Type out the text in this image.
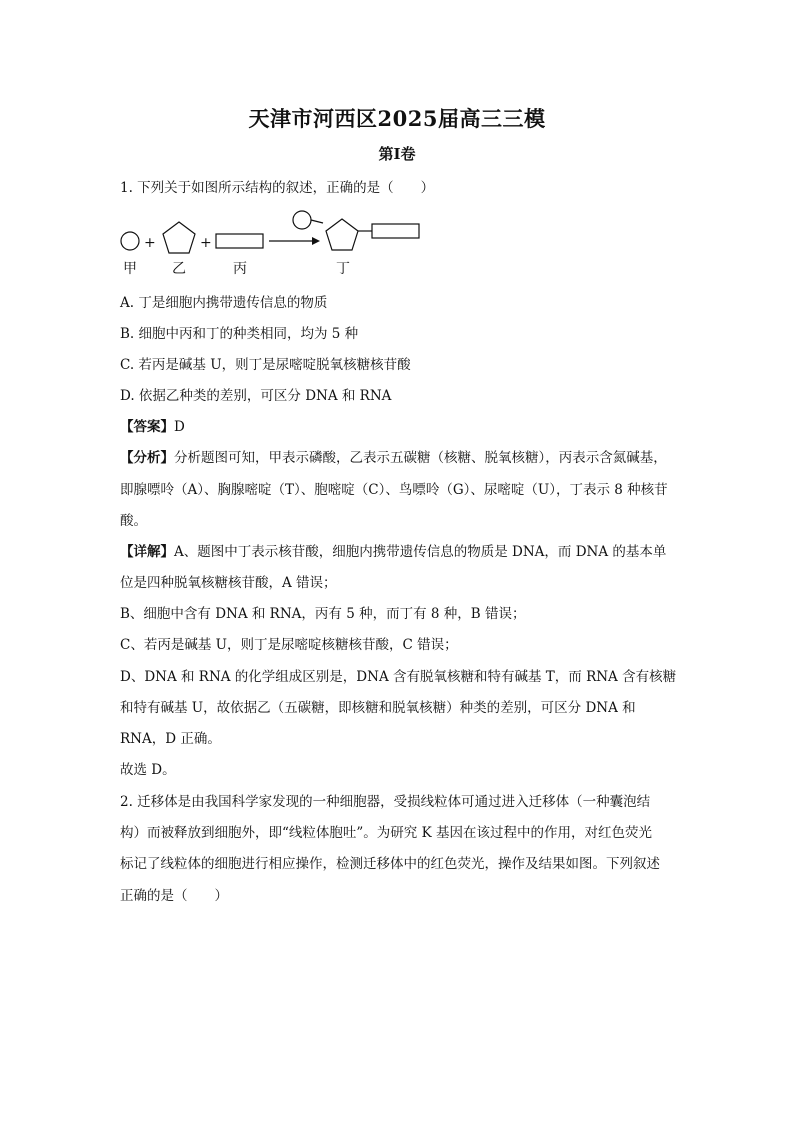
天津市河西区2025届高三三模
第I卷
1. 下列关于如图所示结构的叙述，正确的是（　　）
+	+
甲	乙	丙	丁
A. 丁是细胞内携带遗传信息的物质
B. 细胞中丙和丁的种类相同，均为 5 种
C. 若丙是碱基 U，则丁是尿嘧啶脱氧核糖核苷酸
D. 依据乙种类的差别，可区分 DNA 和 RNA
【答案】D
【分析】分析题图可知，甲表示磷酸，乙表示五碳糖（核糖、脱氧核糖），丙表示含氮碱基，
即腺嘌呤（A）、胸腺嘧啶（T）、胞嘧啶（C）、鸟嘌呤（G）、尿嘧啶（U），丁表示 8 种核苷
酸。
【详解】A、题图中丁表示核苷酸，细胞内携带遗传信息的物质是 DNA，而 DNA 的基本单
位是四种脱氧核糖核苷酸，A 错误；
B、细胞中含有 DNA 和 RNA，丙有 5 种，而丁有 8 种，B 错误；
C、若丙是碱基 U，则丁是尿嘧啶核糖核苷酸，C 错误；
D、DNA 和 RNA 的化学组成区别是，DNA 含有脱氧核糖和特有碱基 T，而 RNA 含有核糖
和特有碱基 U，故依据乙（五碳糖，即核糖和脱氧核糖）种类的差别，可区分 DNA 和
RNA，D 正确。
故选 D。
2. 迁移体是由我国科学家发现的一种细胞器，受损线粒体可通过进入迁移体（一种囊泡结
构）而被释放到细胞外，即“线粒体胞吐”。为研究 K 基因在该过程中的作用，对红色荧光
标记了线粒体的细胞进行相应操作，检测迁移体中的红色荧光，操作及结果如图。下列叙述
正确的是（　　）
